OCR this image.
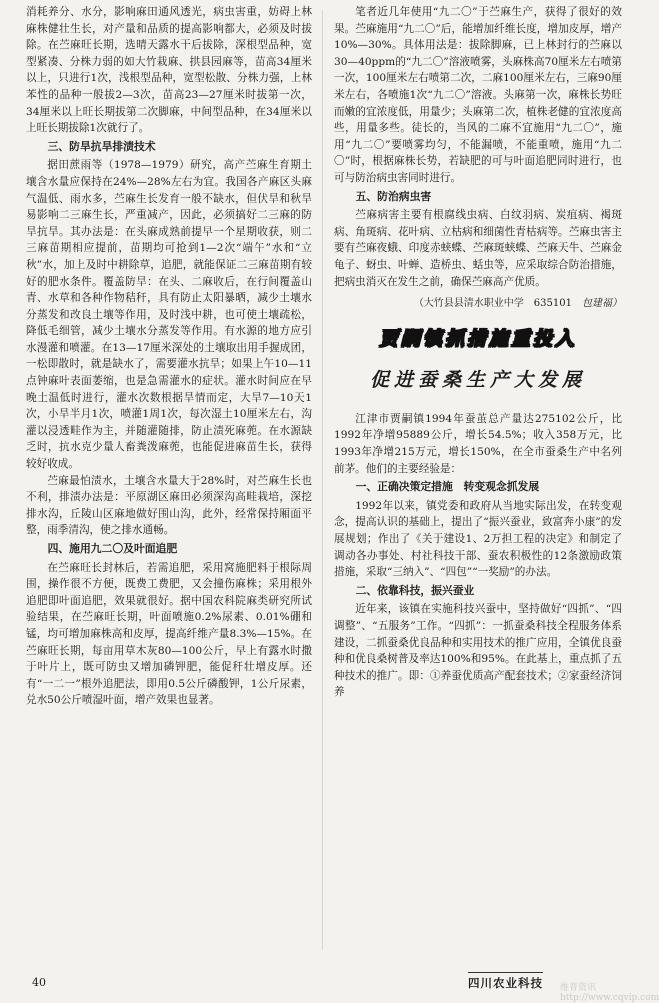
消耗养分、水分，影响麻田通风透光，病虫害重，妨碍上林麻株健壮生长，对产量和品质的提高影响都大，必须及时拔除。在苎麻旺长期，选晴天露水干后拔除，深根型品种，宽型紧凑、分株力弱的如大竹栽麻、拱县园麻等，苗高34厘米以上，只进行1次，浅根型品种，宽型松散、分株力强，上林苯性的品种一般拔2—3次，苗高23—27厘米时拔第一次，34厘米以上旺长期拔第二次脚麻，中间型品种，在34厘米以上旺长期拔除1次就行了。

三、防旱抗旱排渍技术

据田蔗雨等（1978—1979）研究，高产苎麻生育期土壤含水量应保持在24%—28%左右为宜。我国各产麻区头麻气温低、雨水多，苎麻生长发育一般不缺水，但伏旱和秋旱易影响二三麻生长，严重减产，因此，必须搞好二三麻的防旱抗旱。其办法是：在头麻成熟前提早一个星期收获，则二三麻苗期相应提前，苗期均可抢到1—2次“端午”水和“立秋”水，加上及时中耕除草，追肥，就能保证二三麻苗期有较好的肥水条件。覆盖防旱：在头、二麻收后，在行间覆盖山青、水草和各种作物秸秆，具有防止太阳暴晒，减少土壤水分蒸发和改良土壤等作用，及时浅中耕，也可使土壤疏松，降低毛细管，减少土壤水分蒸发等作用。有水源的地方应引水漫灌和喷灌。在13—17厘米深处的土壤取出用手握成团，一松即散时，就是缺水了，需要灌水抗旱；如果上午10—11点钟麻叶表面萎缩，也是急需灌水的症状。灌水时间应在早晚土温低时进行，灌水次数根据旱情而定，大旱7—10天1次，小旱半月1次，喷灌1周1次，每次湿土10厘米左右，沟灌以浸透畦作为主，并随灌随排，防止渍死麻蔸。在水源缺乏时，抗水克少量人畜粪泼麻蔸，也能促进麻苗生长，获得较好收成。

苎麻最怕渍水，土壤含水量大于28%时，对苎麻生长也不利，排渍办法是：平原湖区麻田必须深沟高畦栽培，深挖排水沟，丘陵山区麻地做好围山沟，此外，经常保持厢面平整，雨季清沟，使之排水通畅。

四、施用九二〇及叶面追肥

在苎麻旺长封林后，若需追肥，采用窝施肥料于根际周围，操作很不方便，既费工费肥，又会撞伤麻株；采用根外追肥即叶面追肥，效果就很好。据中国农科院麻类研究所试验结果，在苎麻旺长期，叶面喷施0.2%尿素、0.01%硼和锰，均可增加麻株高和皮厚，提高纤维产量8.3%—15%。在苎麻旺长期，每亩用草木灰80—100公斤，早上有露水时撒于叶片上，既可防虫又增加磷钾肥，能促秆壮增皮厚。还有“一二一”根外追肥法，即用0.5公斤磷酸钾，1公斤尿素，兑水50公斤喷湿叶面，增产效果也显著。

笔者近几年使用“九二〇”于苎麻生产，获得了很好的效果。苎麻施用“九二〇”后，能增加纤维长度，增加皮厚，增产10%—30%。具体用法是：拔除脚麻，已上林封行的苎麻以30—40ppm的“九二〇”溶液喷雾，头麻株高70厘米左右喷第一次，100厘米左右喷第二次，二麻100厘米左右，三麻90厘米左右，各喷施1次“九二〇”溶液。头麻第一次，麻株长势旺而嫩的宜浓度低，用量少；头麻第二次，植株老健的宜浓度高些，用量多些。徒长的，当风的二麻不宜施用“九二〇”，施用“九二〇”要喷雾均匀，不能漏喷，不能重喷，施用“九二〇”时，根据麻株长势，若缺肥的可与叶面追肥同时进行，也可与防治病虫害同时进行。

五、防治病虫害

苎麻病害主要有根腐线虫病、白纹羽病、炭疽病、褐斑病、角斑病、花叶病、立枯病和细菌性青枯病等。苎麻虫害主要有苎麻夜蛾、印度赤蛱蝶、苎麻斑蛱蝶、苎麻天牛、苎麻金龟子、蚜虫、叶蝉、造桥虫、蛞虫等，应采取综合防治措施，把病虫消灭在发生之前，确保苎麻高产优质。

（大竹县县清水职业中学　635101 包建福）
贾嗣镇抓措施重投入
促进蚕桑生产大发展

江津市贾嗣镇1994年蚕茧总产量达275102公斤，比1992年净增95889公斤，增长54.5%；收入358万元，比1993年净增215万元，增长150%，在全市蚕桑生产中名列前茅。他们的主要经验是：

一、正确决策定措施　转变观念抓发展

1992年以来，镇党委和政府从当地实际出发，在转变观念，提高认识的基础上，提出了“振兴蚕业，致富奔小康”的发展规划；作出了《关于建设1、2万担工程的决定》和制定了调动各办事处、村社科技干部、蚕农积极性的12条激励政策措施，采取“三纳入”、“四包”“一奖励”的办法。

二、依靠科技，振兴蚕业

近年来，该镇在实施科技兴蚕中，坚持做好“四抓”、“四调整”、“五服务”工作。“四抓”：一抓蚕桑科技全程服务体系建设，二抓蚕桑优良品种和实用技术的推广应用，全镇优良蚕种和优良桑树普及率达100%和95%。在此基上，重点抓了五种技术的推广。即：①养蚕优质高产配套技术；②家蚕经济饲养

40	四川农业科技 维普资讯 http://www.cqvip.com
